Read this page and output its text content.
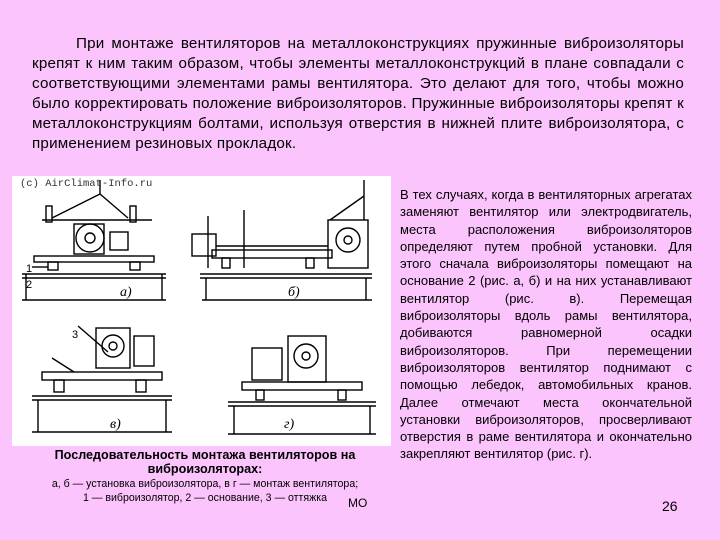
При монтаже вентиляторов на металлоконструкциях пружинные виброизоляторы крепят к ним таким образом, чтобы элементы металлоконструкций в плане совпадали с соответствующими элементами рамы вентилятора. Это делают для того, чтобы можно было корректировать положение виброизоляторов. Пружинные виброизоляторы крепят к металлоконструкциям болтами, используя отверстия в нижней плите виброизолятора, с применением резиновых прокладок.
а)	б)
в)	г)
1
2
3
(c) AirClimat-Info.ru
Последовательность монтажа вентиляторов на виброизоляторах:
а, б — установка виброизолятора, в г — монтаж вентилятора;
1 — виброизолятор, 2 — основание, 3 — оттяжка	МО
В тех случаях, когда в вентиляторных агрегатах заменяют вентилятор или электродвигатель, места расположения виброизоляторов определяют путем пробной установки. Для этого сначала виброизоляторы помещают на основание 2 (рис. а, б) и на них устанавливают вентилятор (рис. в). Перемещая виброизоляторы вдоль рамы вентилятора, добиваются равномерной осадки виброизоляторов. При перемещении виброизоляторов вентилятор поднимают с помощью лебедок, автомобильных кранов. Далее отмечают места окончательной установки виброизоляторов, просверливают отверстия в раме вентилятора и окончательно закрепляют вентилятор (рис. г).
26
